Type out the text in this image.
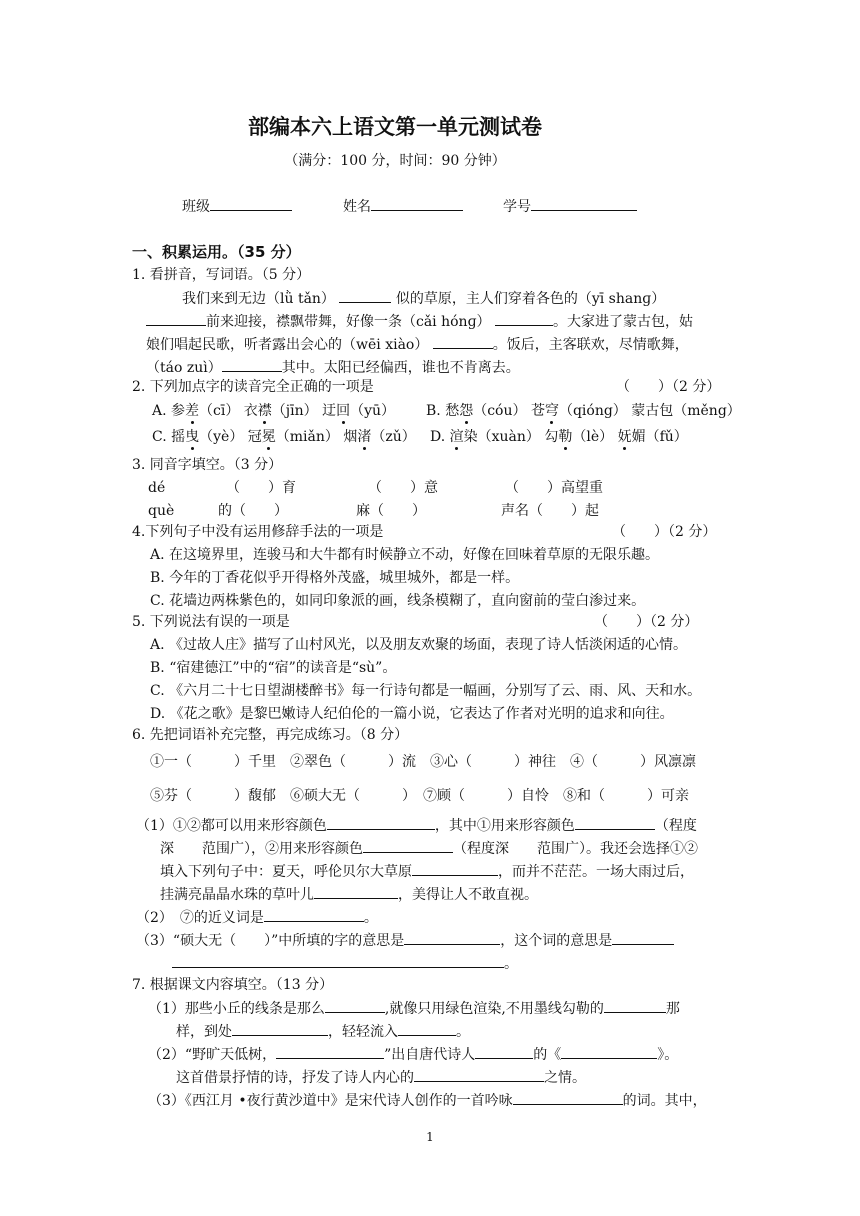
部编本六上语文第一单元测试卷
（满分：100 分，时间：90 分钟）
班级	姓名	学号
一、积累运用。（35 分）
1. 看拼音，写词语。（5 分）
我们来到无边（lǜ tǎn）	似的草原，主人们穿着各色的（yī shanɡ）
前来迎接，襟飘带舞，好像一条（cǎi hónɡ）	。大家进了蒙古包，姑
娘们唱起民歌，听者露出会心的（wēi xiào）	。饭后，主客联欢，尽情歌舞，
（táo zuì）	其中。太阳已经偏西，谁也不肯离去。
2. 下列加点字的读音完全正确的一项是	（　　）（2 分）
A. 参差（cī） 衣襟（jīn） 迂回（yū） B. 愁怨（cóu） 苍穹（qióng） 蒙古包（měng）
C. 摇曳（yè） 冠冕（miǎn） 烟渚（zǔ） D. 渲染（xuàn） 勾勒（lè） 妩媚（fǔ）
3. 同音字填空。（3 分）
dé	（　　）育	（　　）意	（　　）高望重
què	的（　　）	麻（　　）	声名（　　）起
4.下列句子中没有运用修辞手法的一项是	（　　）（2 分）
A. 在这境界里，连骏马和大牛都有时候静立不动，好像在回味着草原的无限乐趣。
B. 今年的丁香花似乎开得格外茂盛，城里城外，都是一样。
C. 花墙边两株紫色的，如同印象派的画，线条模糊了，直向窗前的莹白渗过来。
5. 下列说法有误的一项是	（　　）（2 分）
A. 《过故人庄》描写了山村风光，以及朋友欢聚的场面，表现了诗人恬淡闲适的心情。
B. “宿建德江”中的“宿”的读音是“sù”。
C. 《六月二十七日望湖楼醉书》每一行诗句都是一幅画，分别写了云、雨、风、天和水。
D. 《花之歌》是黎巴嫩诗人纪伯伦的一篇小说，它表达了作者对光明的追求和向往。
6. 先把词语补充完整，再完成练习。（8 分）
①一（　　　）千里　②翠色（　　　）流　③心（　　　）神往　④（　　　）风凛凛
⑤芬（　　　）馥郁　⑥硕大无（　　　）　⑦顾（　　　）自怜　⑧和（　　　）可亲
（1）①②都可以用来形容颜色	，其中①用来形容颜色	（程度
深　　范围广），②用来形容颜色	（程度深　　范围广）。我还会选择①②
填入下列句子中：夏天，呼伦贝尔大草原	，而并不茫茫。一场大雨过后，
挂满亮晶晶水珠的草叶儿	，美得让人不敢直视。
（2）　⑦的近义词是	。
（3）“硕大无（　　）”中所填的字的意思是	，这个词的意思是
。
7. 根据课文内容填空。（13 分）
（1）那些小丘的线条是那么	,就像只用绿色渲染,不用墨线勾勒的	那
样，到处	，轻轻流入	。
（2）“野旷天低树，	”出自唐代诗人	的《	》。
这首借景抒情的诗，抒发了诗人内心的	之情。
（3）《西江月 •夜行黄沙道中》是宋代诗人创作的一首吟咏	的词。其中，
1
